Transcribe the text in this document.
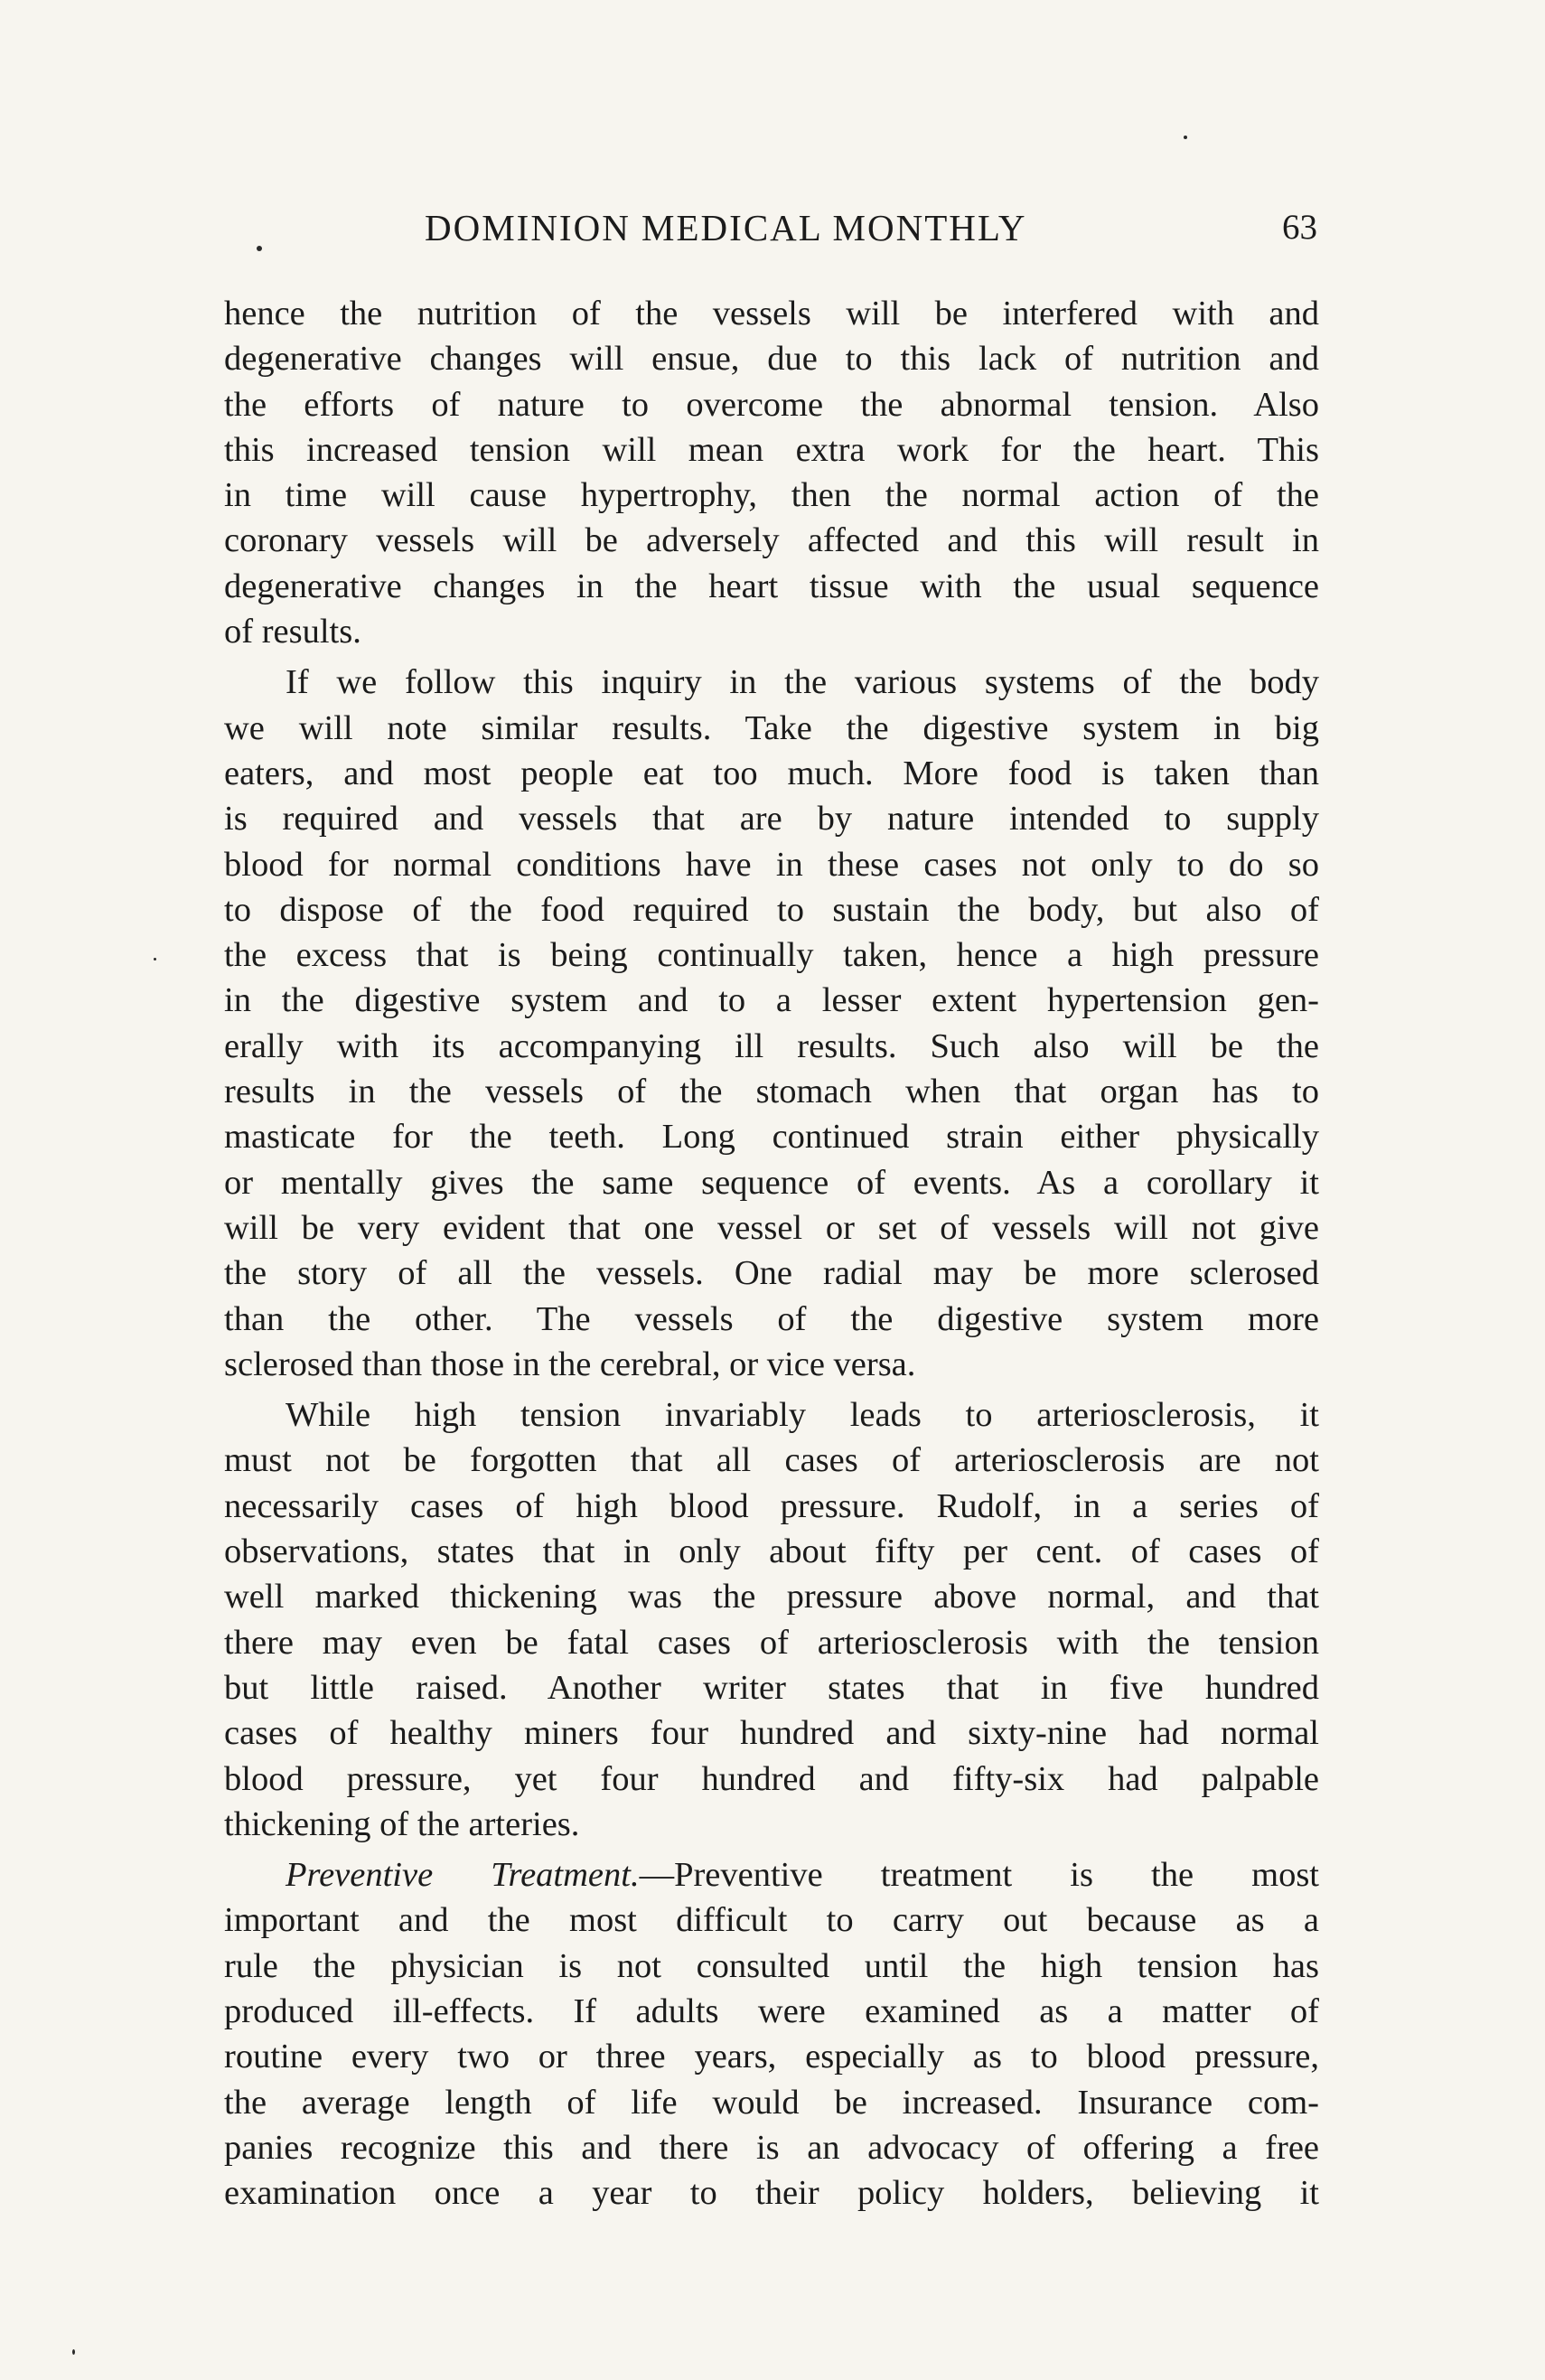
DOMINION MEDICAL MONTHLY	63
hence the nutrition of the vessels will be interfered with and
degenerative changes will ensue, due to this lack of nutrition and
the efforts of nature to overcome the abnormal tension. Also
this increased tension will mean extra work for the heart. This
in time will cause hypertrophy, then the normal action of the
coronary vessels will be adversely affected and this will result in
degenerative changes in the heart tissue with the usual sequence
of results.
If we follow this inquiry in the various systems of the body
we will note similar results. Take the digestive system in big
eaters, and most people eat too much. More food is taken than
is required and vessels that are by nature intended to supply
blood for normal conditions have in these cases not only to do so
to dispose of the food required to sustain the body, but also of
the excess that is being continually taken, hence a high pressure
in the digestive system and to a lesser extent hypertension gen-
erally with its accompanying ill results. Such also will be the
results in the vessels of the stomach when that organ has to
masticate for the teeth. Long continued strain either physically
or mentally gives the same sequence of events. As a corollary it
will be very evident that one vessel or set of vessels will not give
the story of all the vessels. One radial may be more sclerosed
than the other. The vessels of the digestive system more
sclerosed than those in the cerebral, or vice versa.
While high tension invariably leads to arteriosclerosis, it
must not be forgotten that all cases of arteriosclerosis are not
necessarily cases of high blood pressure. Rudolf, in a series of
observations, states that in only about fifty per cent. of cases of
well marked thickening was the pressure above normal, and that
there may even be fatal cases of arteriosclerosis with the tension
but little raised. Another writer states that in five hundred
cases of healthy miners four hundred and sixty-nine had normal
blood pressure, yet four hundred and fifty-six had palpable
thickening of the arteries.
Preventive Treatment.—Preventive treatment is the most
important and the most difficult to carry out because as a
rule the physician is not consulted until the high tension has
produced ill-effects. If adults were examined as a matter of
routine every two or three years, especially as to blood pressure,
the average length of life would be increased. Insurance com-
panies recognize this and there is an advocacy of offering a free
examination once a year to their policy holders, believing it
